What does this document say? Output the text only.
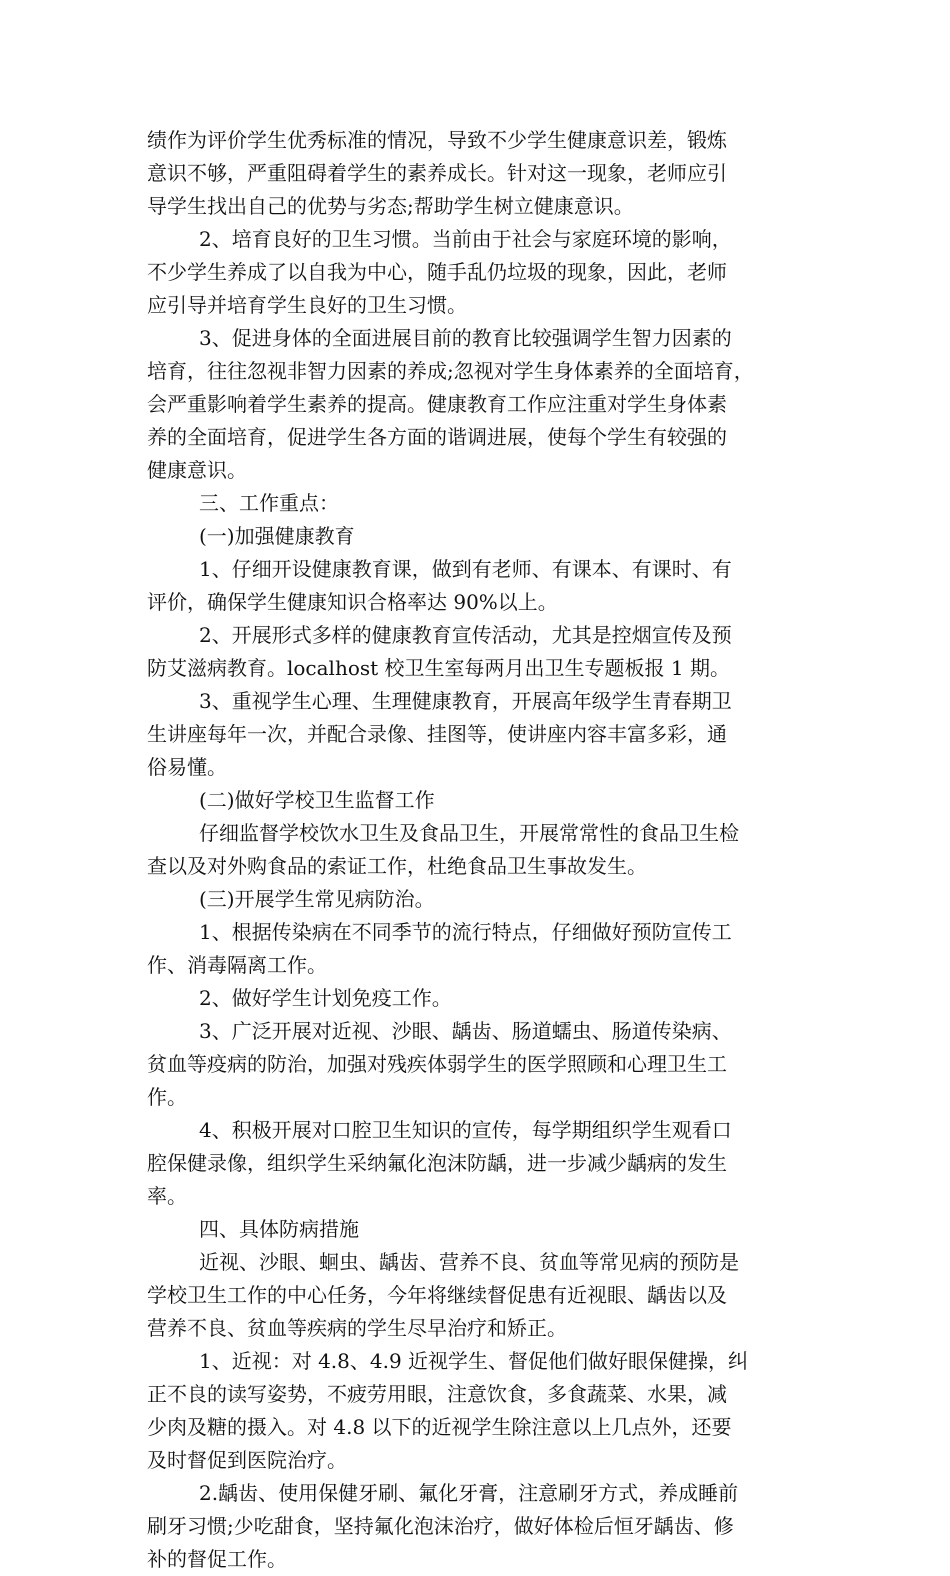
绩作为评价学生优秀标准的情况，导致不少学生健康意识差，锻炼
意识不够，严重阻碍着学生的素养成长。针对这一现象，老师应引
导学生找出自己的优势与劣态;帮助学生树立健康意识。
2、培育良好的卫生习惯。当前由于社会与家庭环境的影响，
不少学生养成了以自我为中心，随手乱仍垃圾的现象，因此，老师
应引导并培育学生良好的卫生习惯。
3、促进身体的全面进展目前的教育比较强调学生智力因素的
培育，往往忽视非智力因素的养成;忽视对学生身体素养的全面培育，
会严重影响着学生素养的提高。健康教育工作应注重对学生身体素
养的全面培育，促进学生各方面的谐调进展，使每个学生有较强的
健康意识。
三、工作重点：
(一)加强健康教育
1、仔细开设健康教育课，做到有老师、有课本、有课时、有
评价，确保学生健康知识合格率达 90%以上。
2、开展形式多样的健康教育宣传活动，尤其是控烟宣传及预
防艾滋病教育。localhost 校卫生室每两月出卫生专题板报 1 期。
3、重视学生心理、生理健康教育，开展高年级学生青春期卫
生讲座每年一次，并配合录像、挂图等，使讲座内容丰富多彩，通
俗易懂。
(二)做好学校卫生监督工作
仔细监督学校饮水卫生及食品卫生，开展常常性的食品卫生检
查以及对外购食品的索证工作，杜绝食品卫生事故发生。
(三)开展学生常见病防治。
1、根据传染病在不同季节的流行特点，仔细做好预防宣传工
作、消毒隔离工作。
2、做好学生计划免疫工作。
3、广泛开展对近视、沙眼、龋齿、肠道蠕虫、肠道传染病、
贫血等疫病的防治，加强对残疾体弱学生的医学照顾和心理卫生工
作。
4、积极开展对口腔卫生知识的宣传，每学期组织学生观看口
腔保健录像，组织学生采纳氟化泡沫防龋，进一步减少龋病的发生
率。
四、具体防病措施
近视、沙眼、蛔虫、龋齿、营养不良、贫血等常见病的预防是
学校卫生工作的中心任务，今年将继续督促患有近视眼、龋齿以及
营养不良、贫血等疾病的学生尽早治疗和矫正。
1、近视：对 4.8、4.9 近视学生、督促他们做好眼保健操，纠
正不良的读写姿势，不疲劳用眼，注意饮食，多食蔬菜、水果，减
少肉及糖的摄入。对 4.8 以下的近视学生除注意以上几点外，还要
及时督促到医院治疗。
2.龋齿、使用保健牙刷、氟化牙膏，注意刷牙方式，养成睡前
刷牙习惯;少吃甜食，坚持氟化泡沫治疗，做好体检后恒牙龋齿、修
补的督促工作。
